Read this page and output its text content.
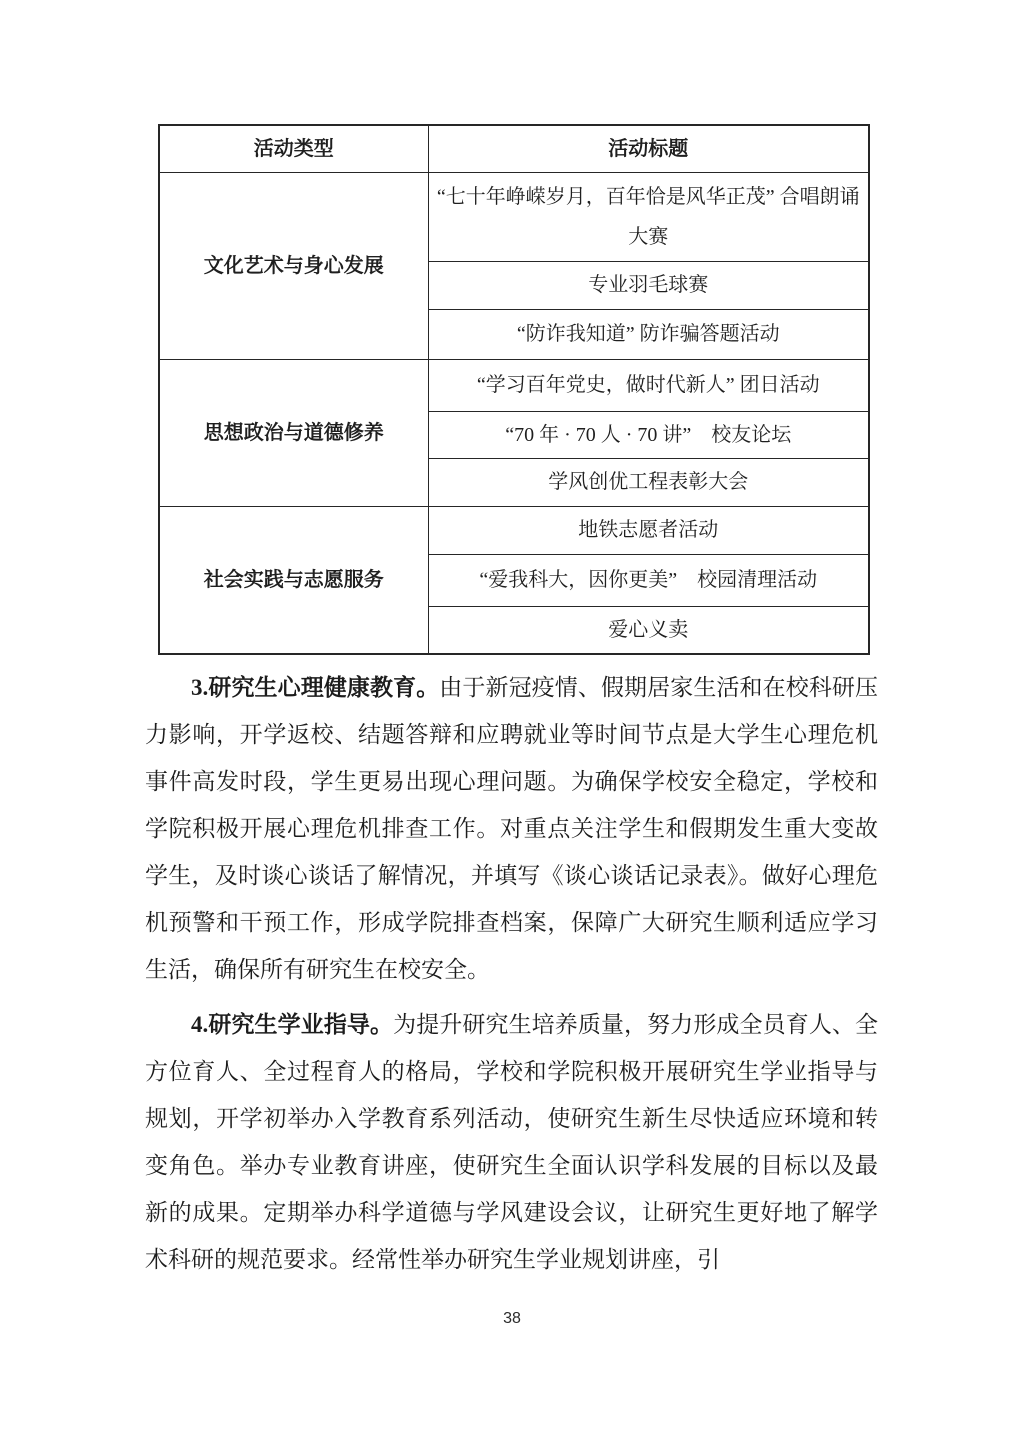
活动类型	活动标题
文化艺术与身心发展	“七十年峥嵘岁月，百年恰是风华正茂” 合唱朗诵大赛
	专业羽毛球赛
	“防诈我知道” 防诈骗答题活动
思想政治与道德修养	“学习百年党史，做时代新人” 团日活动
	“70 年 · 70 人 · 70 讲”　校友论坛
	学风创优工程表彰大会
社会实践与志愿服务	地铁志愿者活动
	“爱我科大，因你更美”　校园清理活动
	爱心义卖

3.研究生心理健康教育。由于新冠疫情、假期居家生活和在校科研压力影响，开学返校、结题答辩和应聘就业等时间节点是大学生心理危机事件高发时段，学生更易出现心理问题。为确保学校安全稳定，学校和学院积极开展心理危机排查工作。对重点关注学生和假期发生重大变故学生，及时谈心谈话了解情况，并填写《谈心谈话记录表》。做好心理危机预警和干预工作，形成学院排查档案，保障广大研究生顺利适应学习生活，确保所有研究生在校安全。

4.研究生学业指导。为提升研究生培养质量，努力形成全员育人、全方位育人、全过程育人的格局，学校和学院积极开展研究生学业指导与规划，开学初举办入学教育系列活动，使研究生新生尽快适应环境和转变角色。举办专业教育讲座，使研究生全面认识学科发展的目标以及最新的成果。定期举办科学道德与学风建设会议，让研究生更好地了解学术科研的规范要求。经常性举办研究生学业规划讲座，引

38
